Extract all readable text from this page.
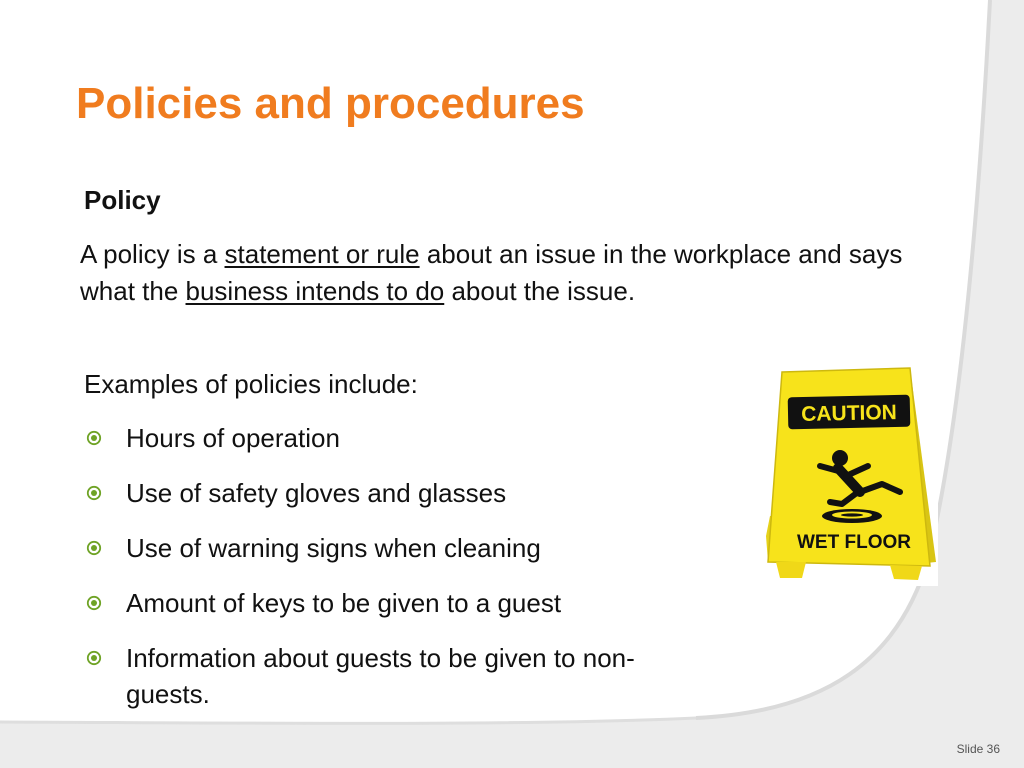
Policies and procedures
Policy

A policy is a statement or rule about an issue in the workplace and says what the business intends to do about the issue.

Examples of policies include:

Hours of operation
Use of safety gloves and glasses
Use of warning signs when cleaning
Amount of keys to be given to a guest
Information about guests to be given to non-guests.
CAUTION
WET FLOOR
Slide 36
